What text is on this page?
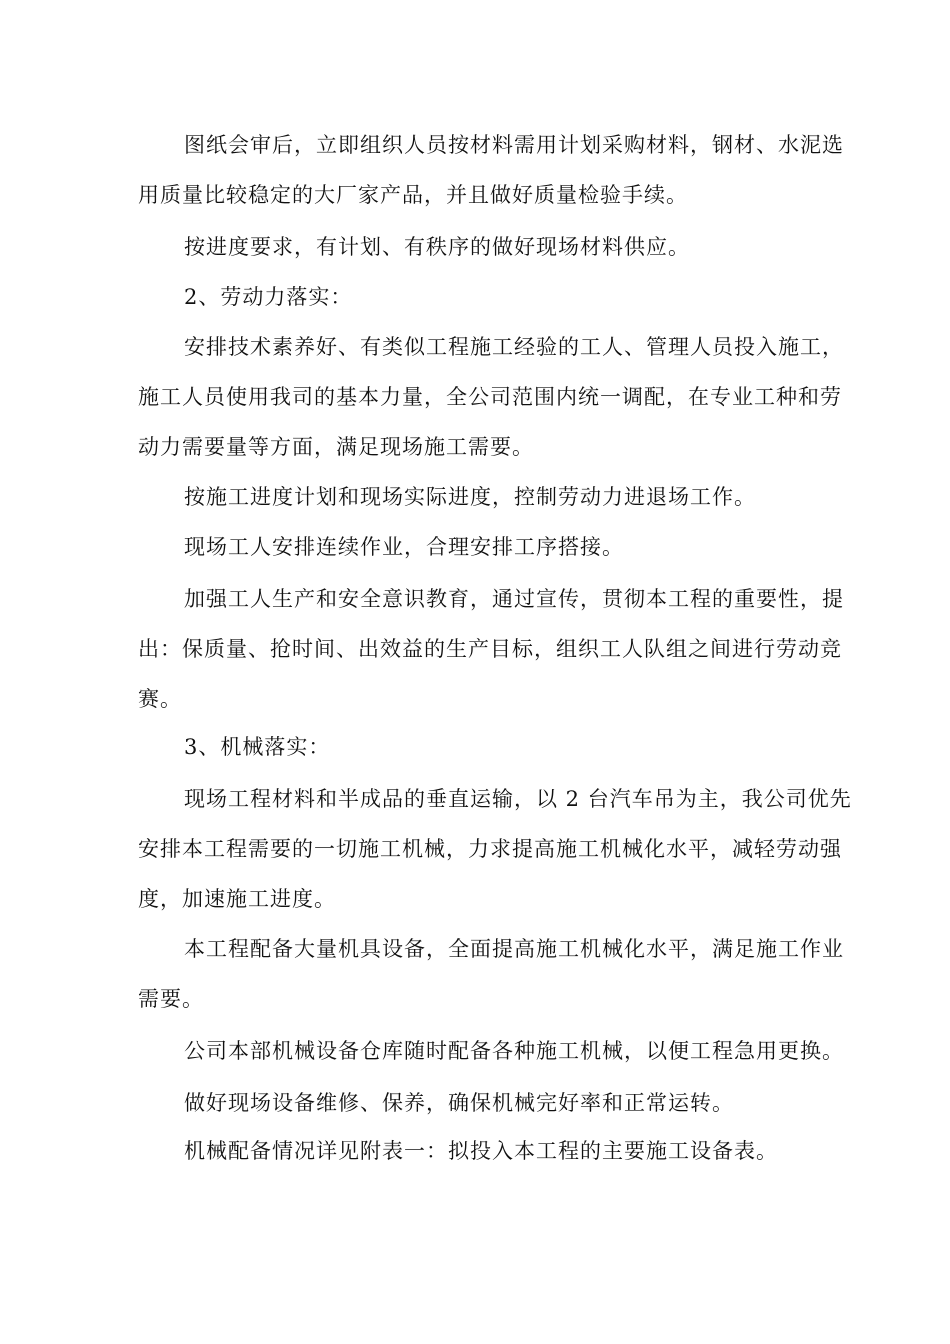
图纸会审后，立即组织人员按材料需用计划采购材料，钢材、水泥选
用质量比较稳定的大厂家产品，并且做好质量检验手续。

按进度要求，有计划、有秩序的做好现场材料供应。

2、劳动力落实：

安排技术素养好、有类似工程施工经验的工人、管理人员投入施工，
施工人员使用我司的基本力量，全公司范围内统一调配，在专业工种和劳
动力需要量等方面，满足现场施工需要。

按施工进度计划和现场实际进度，控制劳动力进退场工作。

现场工人安排连续作业，合理安排工序搭接。

加强工人生产和安全意识教育，通过宣传，贯彻本工程的重要性，提
出：保质量、抢时间、出效益的生产目标，组织工人队组之间进行劳动竞
赛。

3、机械落实：

现场工程材料和半成品的垂直运输，以 2 台汽车吊为主，我公司优先
安排本工程需要的一切施工机械，力求提高施工机械化水平，减轻劳动强
度，加速施工进度。

本工程配备大量机具设备，全面提高施工机械化水平，满足施工作业
需要。

公司本部机械设备仓库随时配备各种施工机械，以便工程急用更换。

做好现场设备维修、保养，确保机械完好率和正常运转。

机械配备情况详见附表一：拟投入本工程的主要施工设备表。
